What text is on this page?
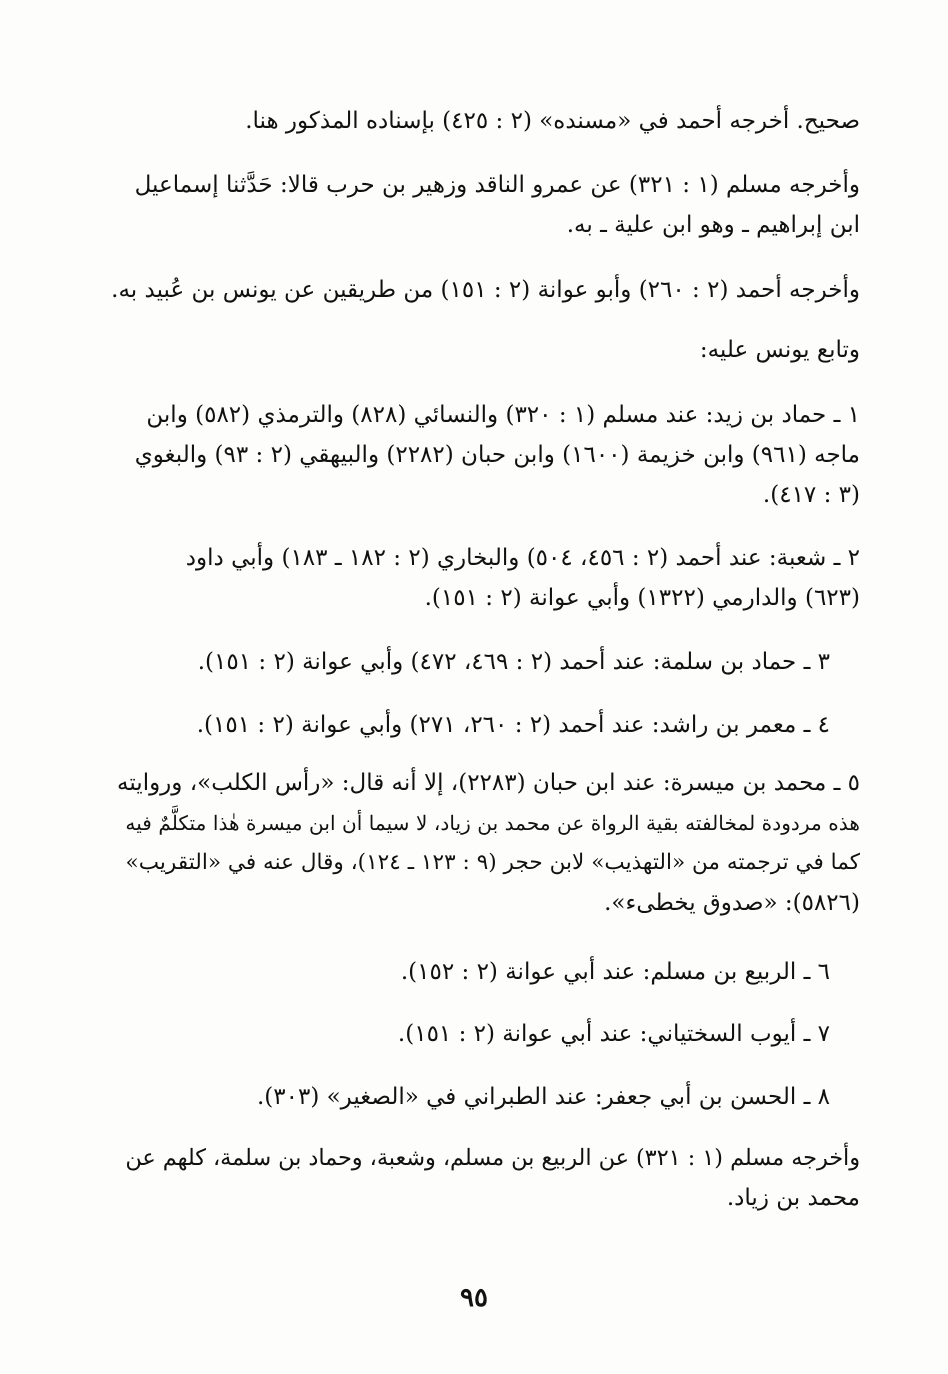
صحيح. أخرجه أحمد في «مسنده» (٢ : ٤٢٥) بإسناده المذكور هنا.
وأخرجه مسلم (١ : ٣٢١) عن عمرو الناقد وزهير بن حرب قالا: حَدَّثنا إسماعيل
ابن إبراهيم ـ وهو ابن علية ـ به.
وأخرجه أحمد (٢ : ٢٦٠) وأبو عوانة (٢ : ١٥١) من طريقين عن يونس بن عُبيد به.
وتابع يونس عليه:
١ ـ حماد بن زيد: عند مسلم (١ : ٣٢٠) والنسائي (٨٢٨) والترمذي (٥٨٢) وابن
ماجه (٩٦١) وابن خزيمة (١٦٠٠) وابن حبان (٢٢٨٢) والبيهقي (٢ : ٩٣) والبغوي
(٣ : ٤١٧).
٢ ـ شعبة: عند أحمد (٢ : ٤٥٦، ٥٠٤) والبخاري (٢ : ١٨٢ ـ ١٨٣) وأبي داود
(٦٢٣) والدارمي (١٣٢٢) وأبي عوانة (٢ : ١٥١).
٣ ـ حماد بن سلمة: عند أحمد (٢ : ٤٦٩، ٤٧٢) وأبي عوانة (٢ : ١٥١).
٤ ـ معمر بن راشد: عند أحمد (٢ : ٢٦٠، ٢٧١) وأبي عوانة (٢ : ١٥١).
٥ ـ محمد بن ميسرة: عند ابن حبان (٢٢٨٣)، إلا أنه قال: «رأس الكلب»، وروايته
هذه مردودة لمخالفته بقية الرواة عن محمد بن زياد، لا سيما أن ابن ميسرة هٰذا متكلَّمٌ فيه
كما في ترجمته من «التهذيب» لابن حجر (٩ : ١٢٣ ـ ١٢٤)، وقال عنه في «التقريب»
(٥٨٢٦): «صدوق يخطىء».
٦ ـ الربيع بن مسلم: عند أبي عوانة (٢ : ١٥٢).
٧ ـ أيوب السختياني: عند أبي عوانة (٢ : ١٥١).
٨ ـ الحسن بن أبي جعفر: عند الطبراني في «الصغير» (٣٠٣).
وأخرجه مسلم (١ : ٣٢١) عن الربيع بن مسلم، وشعبة، وحماد بن سلمة، كلهم عن
محمد بن زياد.
٩٥
